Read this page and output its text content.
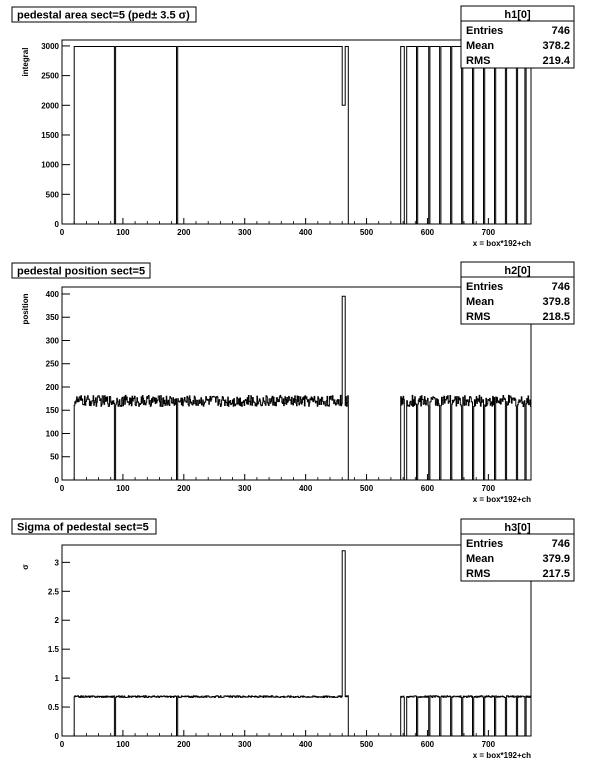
pedestal area sect=5 (ped± 3.5 σ)
integral
0	100	200	300	400	500	600	700
x = box*192+ch
0
500
1000
1500
2000
2500
3000
h1[0]
Entries	746
Mean	378.2
RMS	219.4
pedestal position sect=5
position
0	100	200	300	400	500	600	700
x = box*192+ch
0
50
100
150
200
250
300
350
400
h2[0]
Entries	746
Mean	379.8
RMS	218.5
Sigma of pedestal sect=5
σ
0	100	200	300	400	500	600	700
x = box*192+ch
0
0.5
1
1.5
2
2.5
3
h3[0]
Entries	746
Mean	379.9
RMS	217.5
